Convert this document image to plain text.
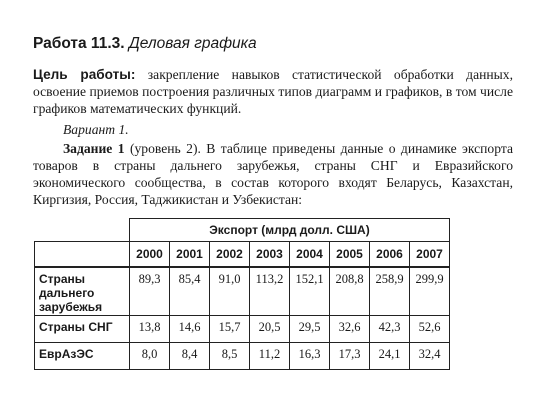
Работа 11.3. Деловая графика

Цель работы: закрепление навыков статистической обработки данных, освоение приемов построения различных типов диаграмм и графиков, в том числе графиков математических функций.

Вариант 1.

Задание 1 (уровень 2). В таблице приведены данные о динамике экспорта товаров в страны дальнего зарубежья, страны СНГ и Евразийского экономического сообщества, в состав которого входят Беларусь, Казахстан, Киргизия, Россия, Таджикистан и Узбекистан:

	Экспорт (млрд долл. США)							
	2000	2001	2002	2003	2004	2005	2006	2007
Страны дальнего зарубежья	89,3	85,4	91,0	113,2	152,1	208,8	258,9	299,9
Страны СНГ	13,8	14,6	15,7	20,5	29,5	32,6	42,3	52,6
ЕврАзЭС	8,0	8,4	8,5	11,2	16,3	17,3	24,1	32,4
